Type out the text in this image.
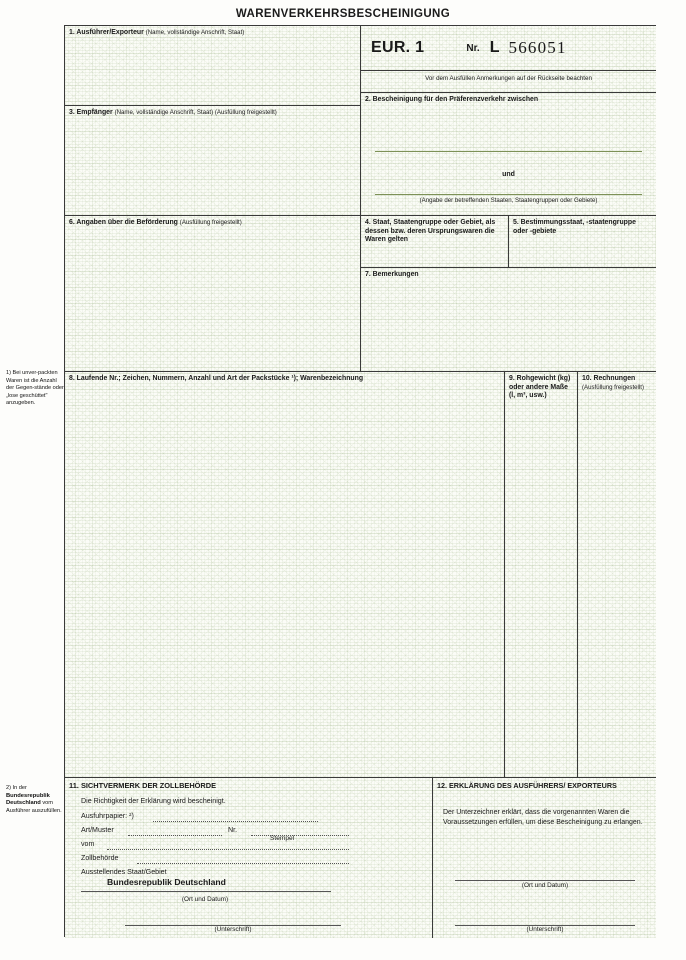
WARENVERKEHRSBESCHEINIGUNG
1) Bei unver-packten Waren ist die Anzahl der Gegen-stände oder „lose geschüttet" anzugeben.
2) In der Bundesrepublik Deutschland vom Ausführer auszufüllen.
1. Ausführer/Exporteur (Name, vollständige Anschrift, Staat)
EUR. 1	Nr. L 566051
Vor dem Ausfüllen Anmerkungen auf der Rückseite beachten
2. Bescheinigung für den Präferenzverkehr zwischen
und
(Angabe der betreffenden Staaten, Staatengruppen oder Gebiete)
3. Empfänger (Name, vollständige Anschrift, Staat) (Ausfüllung freigestellt)
4. Staat, Staatengruppe oder Gebiet, als dessen bzw. deren Ursprungswaren die Waren gelten
5. Bestimmungsstaat, -staatengruppe oder -gebiete
6. Angaben über die Beförderung (Ausfüllung freigestellt)
7. Bemerkungen
8. Laufende Nr.; Zeichen, Nummern, Anzahl und Art der Packstücke ¹); Warenbezeichnung	9. Rohgewicht (kg) oder andere Maße (l, m³, usw.)
10. Rechnungen (Ausfüllung freigestellt)
11. SICHTVERMERK DER ZOLLBEHÖRDE
Die Richtigkeit der Erklärung wird bescheinigt.
Ausfuhrpapier: ²)
Art/Muster	Nr.
vom
Zollbehörde
Ausstellendes Staat/Gebiet
Bundesrepublik Deutschland
Stempel
(Ort und Datum)
(Unterschrift)
12. ERKLÄRUNG DES AUSFÜHRERS/ EXPORTEURS
Der Unterzeichner erklärt, dass die vorgenannten Waren die Voraussetzungen erfüllen, um diese Bescheinigung zu erlangen.
(Ort und Datum)
(Unterschrift)
